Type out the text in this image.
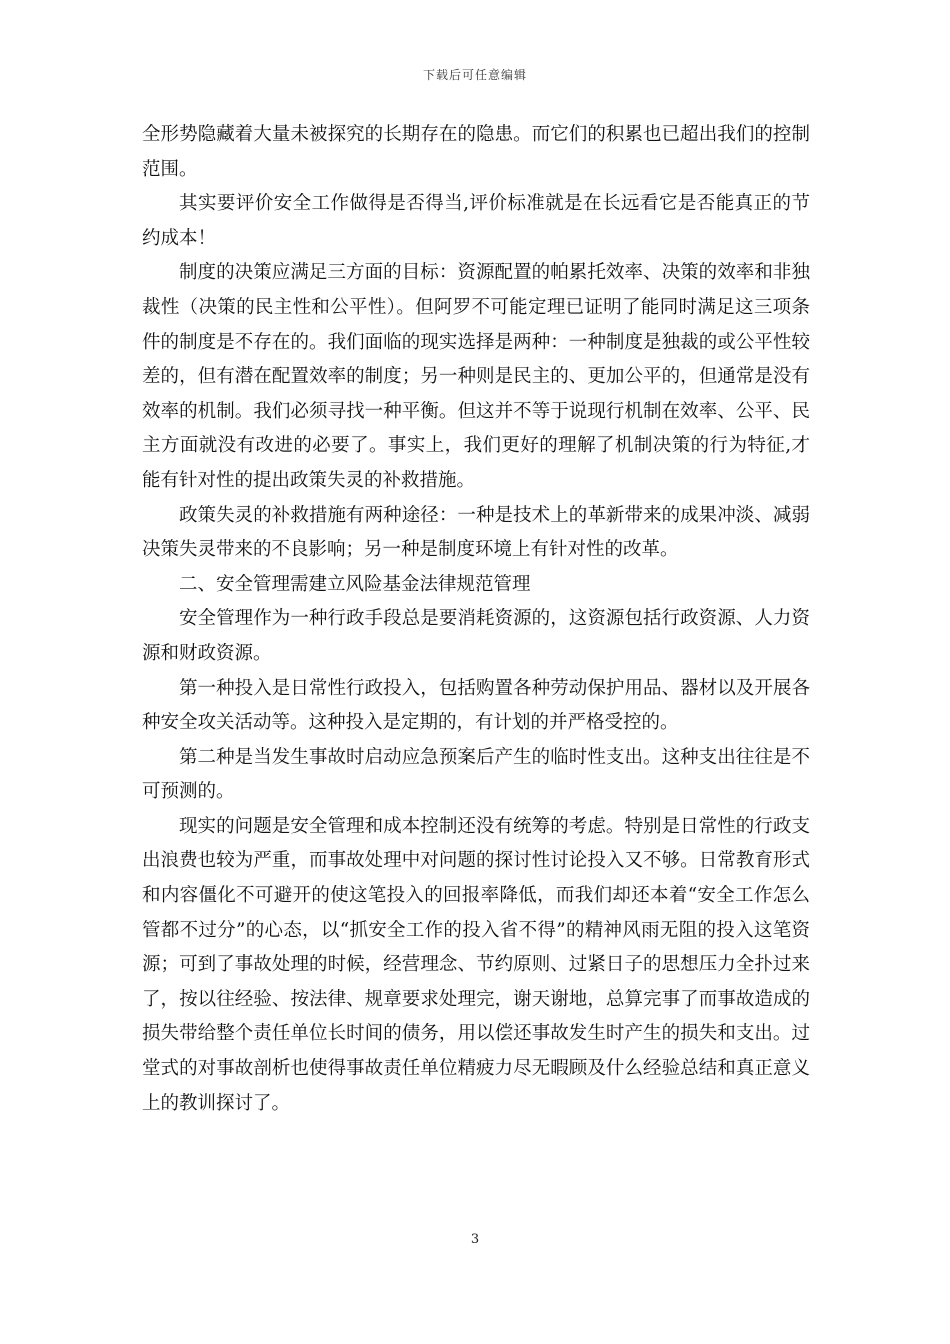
下载后可任意编辑

全形势隐藏着大量未被探究的长期存在的隐患。而它们的积累也已超出我们的控制范围。

其实要评价安全工作做得是否得当,评价标准就是在长远看它是否能真正的节约成本！

制度的决策应满足三方面的目标：资源配置的帕累托效率、决策的效率和非独裁性（决策的民主性和公平性）。但阿罗不可能定理已证明了能同时满足这三项条件的制度是不存在的。我们面临的现实选择是两种：一种制度是独裁的或公平性较差的，但有潜在配置效率的制度；另一种则是民主的、更加公平的，但通常是没有效率的机制。我们必须寻找一种平衡。但这并不等于说现行机制在效率、公平、民主方面就没有改进的必要了。事实上，我们更好的理解了机制决策的行为特征,才能有针对性的提出政策失灵的补救措施。

政策失灵的补救措施有两种途径：一种是技术上的革新带来的成果冲淡、减弱决策失灵带来的不良影响；另一种是制度环境上有针对性的改革。

二、安全管理需建立风险基金法律规范管理

安全管理作为一种行政手段总是要消耗资源的，这资源包括行政资源、人力资源和财政资源。

第一种投入是日常性行政投入，包括购置各种劳动保护用品、器材以及开展各种安全攻关活动等。这种投入是定期的，有计划的并严格受控的。

第二种是当发生事故时启动应急预案后产生的临时性支出。这种支出往往是不可预测的。

现实的问题是安全管理和成本控制还没有统筹的考虑。特别是日常性的行政支出浪费也较为严重，而事故处理中对问题的探讨性讨论投入又不够。日常教育形式和内容僵化不可避开的使这笔投入的回报率降低，而我们却还本着“安全工作怎么管都不过分”的心态，以“抓安全工作的投入省不得”的精神风雨无阻的投入这笔资源；可到了事故处理的时候，经营理念、节约原则、过紧日子的思想压力全扑过来了，按以往经验、按法律、规章要求处理完，谢天谢地，总算完事了而事故造成的损失带给整个责任单位长时间的债务，用以偿还事故发生时产生的损失和支出。过堂式的对事故剖析也使得事故责任单位精疲力尽无暇顾及什么经验总结和真正意义上的教训探讨了。

3
